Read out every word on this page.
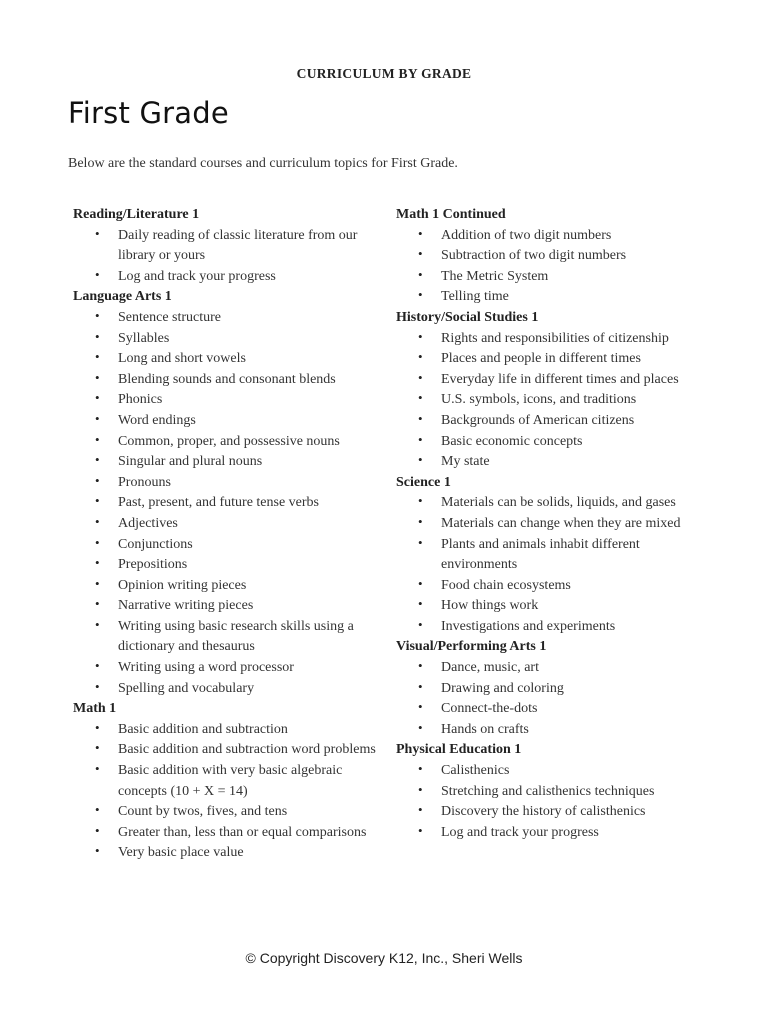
CURRICULUM BY GRADE
First Grade
Below are the standard courses and curriculum topics for First Grade.
Reading/Literature 1
• Daily reading of classic literature from our library or yours
• Log and track your progress
Language Arts 1
• Sentence structure
• Syllables
• Long and short vowels
• Blending sounds and consonant blends
• Phonics
• Word endings
• Common, proper, and possessive nouns
• Singular and plural nouns
• Pronouns
• Past, present, and future tense verbs
• Adjectives
• Conjunctions
• Prepositions
• Opinion writing pieces
• Narrative writing pieces
• Writing using basic research skills using a dictionary and thesaurus
• Writing using a word processor
• Spelling and vocabulary
Math 1
• Basic addition and subtraction
• Basic addition and subtraction word problems
• Basic addition with very basic algebraic concepts (10 + X = 14)
• Count by twos, fives, and tens
• Greater than, less than or equal comparisons
• Very basic place value
Math 1 Continued
• Addition of two digit numbers
• Subtraction of two digit numbers
• The Metric System
• Telling time
History/Social Studies 1
• Rights and responsibilities of citizenship
• Places and people in different times
• Everyday life in different times and places
• U.S. symbols, icons, and traditions
• Backgrounds of American citizens
• Basic economic concepts
• My state
Science 1
• Materials can be solids, liquids, and gases
• Materials can change when they are mixed
• Plants and animals inhabit different environments
• Food chain ecosystems
• How things work
• Investigations and experiments
Visual/Performing Arts 1
• Dance, music, art
• Drawing and coloring
• Connect-the-dots
• Hands on crafts
Physical Education 1
• Calisthenics
• Stretching and calisthenics techniques
• Discovery the history of calisthenics
• Log and track your progress
© Copyright Discovery K12, Inc., Sheri Wells
